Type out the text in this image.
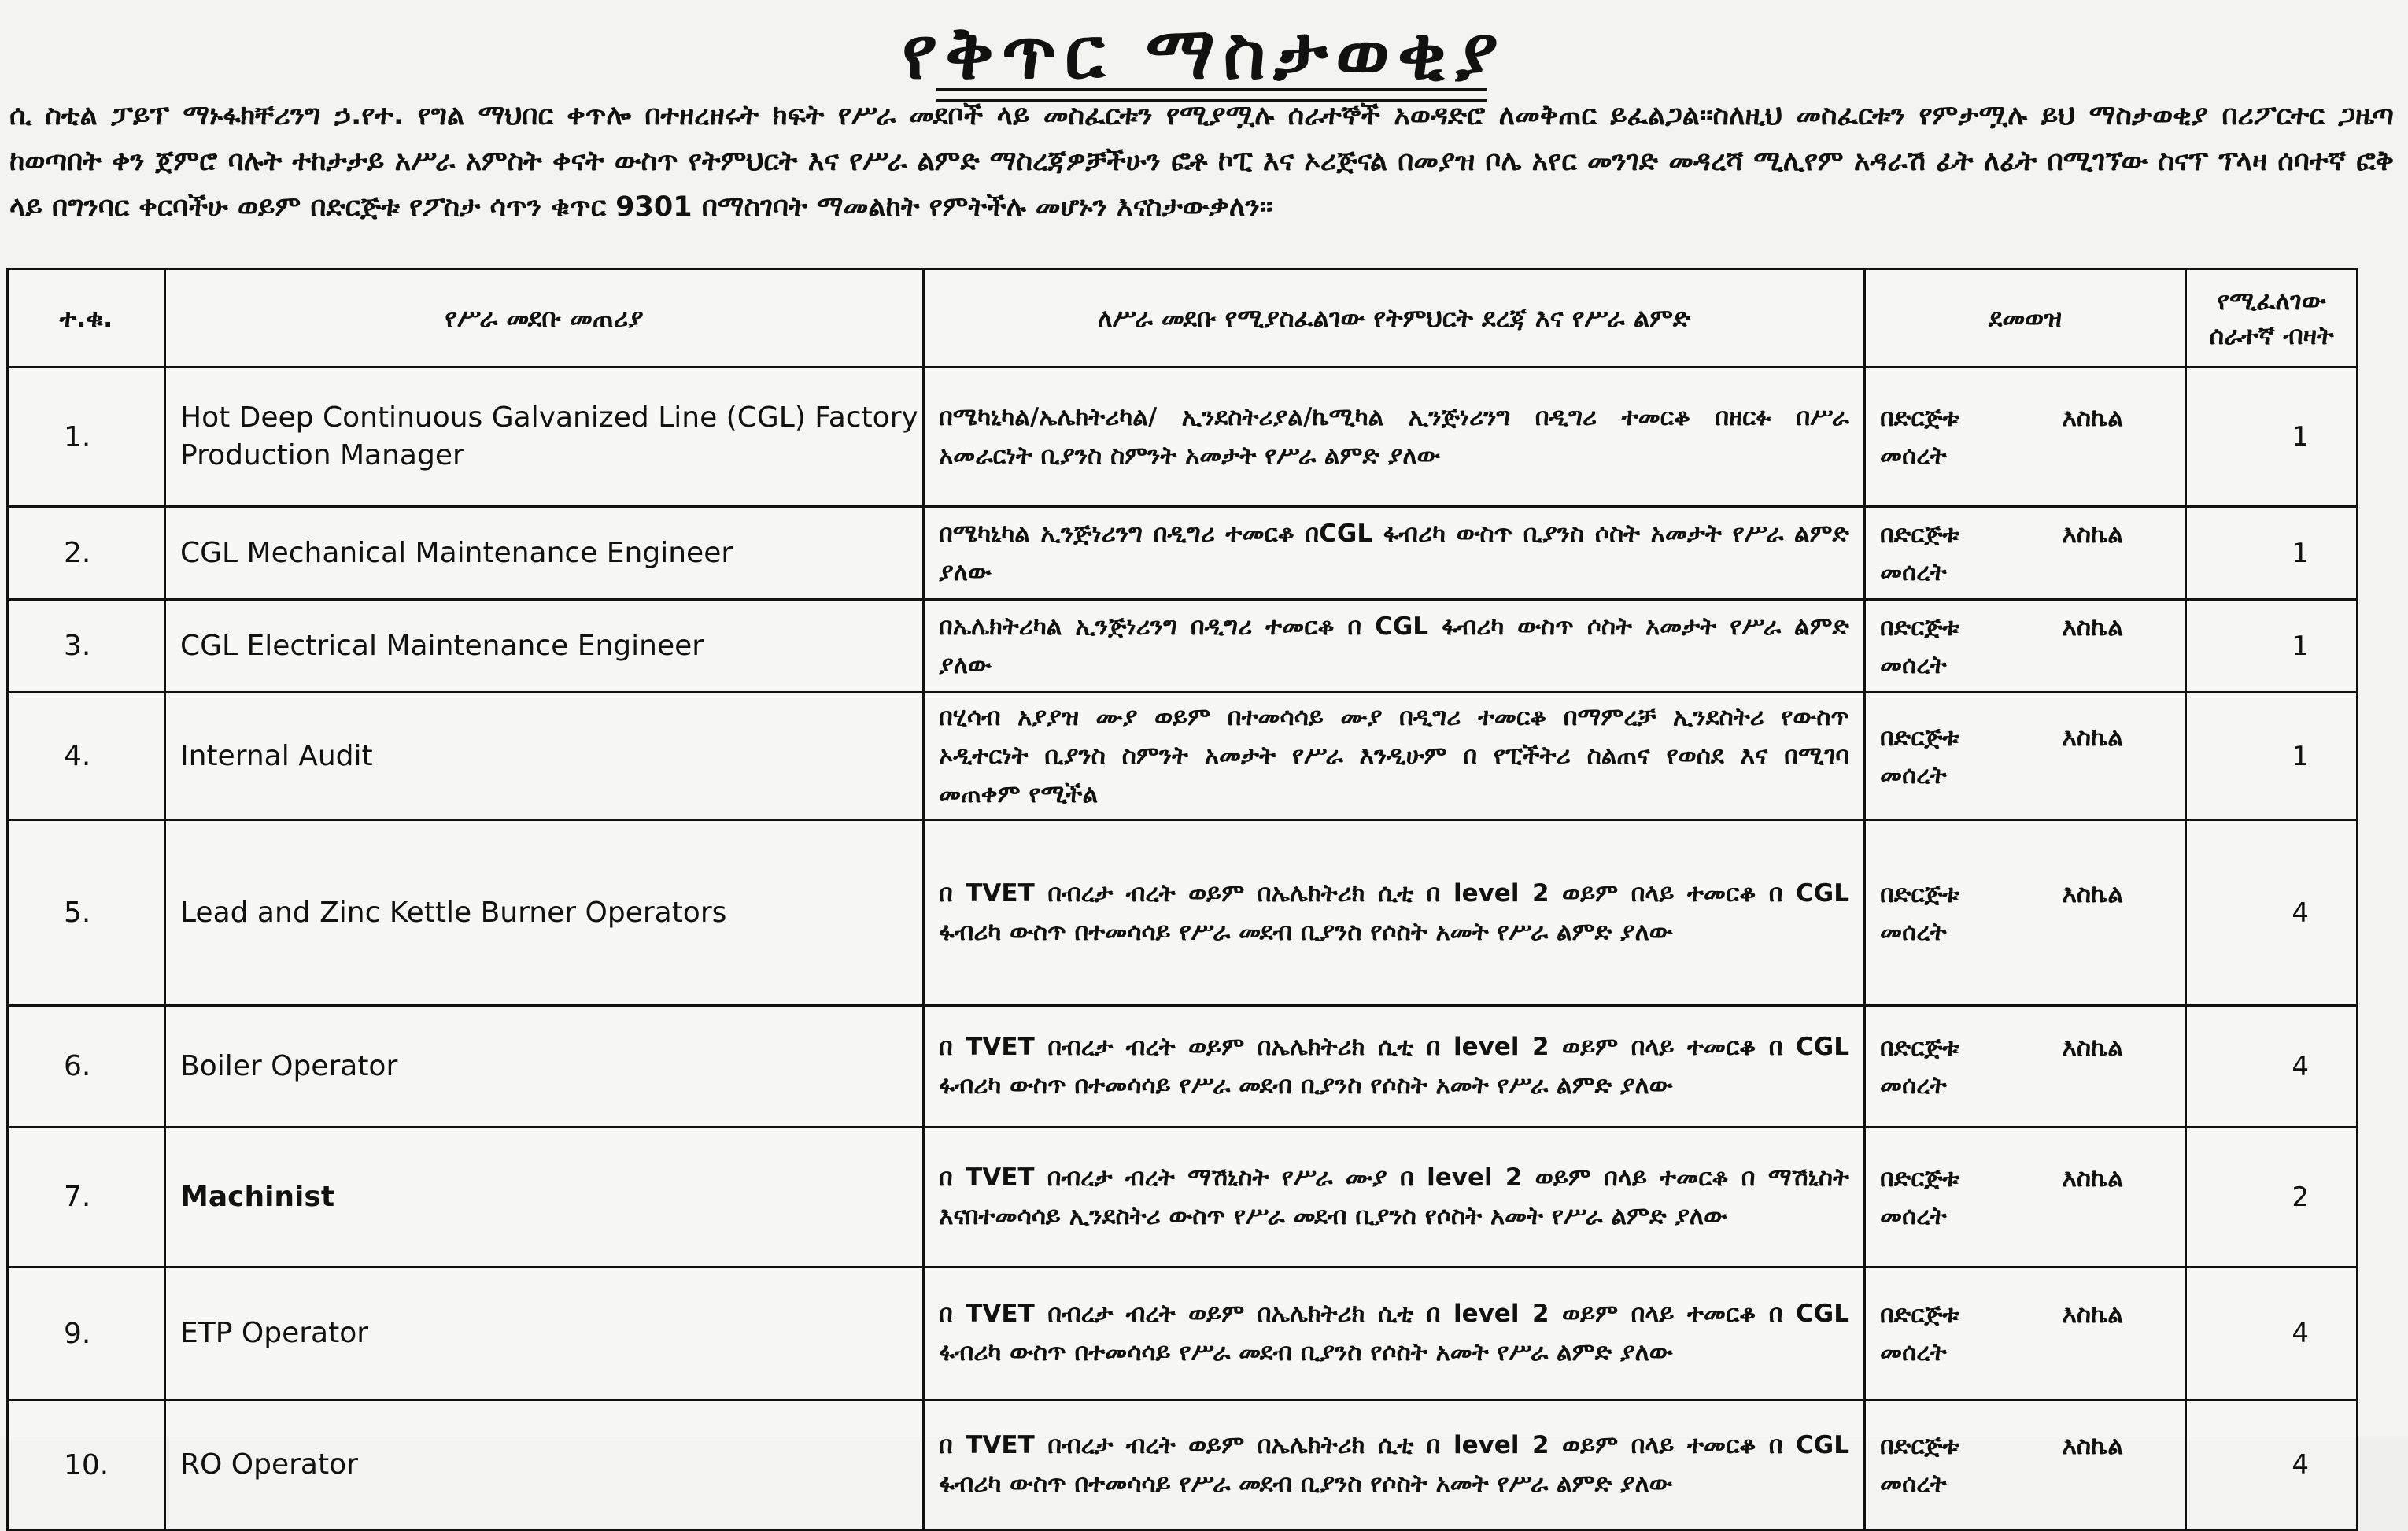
የቅጥር ማስታወቂያ
ሲ ስቲል ፓይፕ ማኑፋክቸሪንግ ኃ.የተ. የግል ማህበር ቀጥሎ በተዘረዘሩት ክፍት የሥራ መደቦች ላይ መስፈርቱን የሚያሟሉ ሰራተኞች አወዳድሮ ለመቅጠር ይፈልጋል፡፡ስለዚህ መስፈርቱን የምታሟሉ ይህ ማስታወቂያ በሪፖርተር ጋዜጣ ከወጣበት ቀን ጀምሮ ባሉት ተከታታይ አሥራ አምስት ቀናት ውስጥ የትምህርት እና የሥራ ልምድ ማስረጃዎቻችሁን ፎቶ ኮፒ እና ኦሪጅናል በመያዝ ቦሌ አየር መንገድ መዳረሻ ሚሊየም አዳራሽ ፊት ለፊት በሚገኘው ስናፕ ፕላዛ ሰባተኛ ፎቅ ላይ በግንባር ቀርባችሁ ወይም በድርጅቱ የፖስታ ሳጥን ቁጥር 9301 በማስገባት ማመልከት የምትችሉ መሆኑን እናስታውቃለን፡፡
ተ.ቁ.	የሥራ መደቡ መጠሪያ	ለሥራ መደቡ የሚያስፈልገው የትምህርት ደረጃ እና የሥራ ልምድ	ደመወዝ	የሚፈለገው ሰራተኛ ብዛት
1.	Hot Deep Continuous Galvanized Line (CGL) Factory Production Manager	በሜካኒካል/ኤሌክትሪካል/ ኢንደስትሪያል/ኬሚካል ኢንጅነሪንግ በዲግሪ ተመርቆ በዘርፉ በሥራ አመራርነት ቢያንስ ስምንት አመታት የሥራ ልምድ ያለው	በድርጅቱ እስኬል
መሰረት	1
2.	CGL Mechanical Maintenance Engineer	በሜካኒካል ኢንጅነሪንግ በዲግሪ ተመርቆ በCGL ፋብሪካ ውስጥ ቢያንስ ሶስት አመታት የሥራ ልምድ ያለው	በድርጅቱ እስኬል
መሰረት	1
3.	CGL Electrical Maintenance Engineer	በኤሌክትሪካል ኢንጅነሪንግ በዲግሪ ተመርቆ በ CGL ፋብሪካ ውስጥ ሶስት አመታት የሥራ ልምድ ያለው	በድርጅቱ እስኬል
መሰረት	1
4.	Internal Audit	በሂሳብ አያያዝ ሙያ ወይም በተመሳሳይ ሙያ በዲግሪ ተመርቆ በማምረቻ ኢንደስትሪ የውስጥ ኦዲተርነት ቢያንስ ስምንት አመታት የሥራ እንዲሁም በ የፒችትሪ ስልጠና የወሰደ እና በሚገባ መጠቀም የሚችል	በድርጅቱ እስኬል
መሰረት	1
5.	Lead and Zinc Kettle Burner Operators	በ TVET በብረታ ብረት ወይም በኤሌክትሪክ ሲቲ በ level 2 ወይም በላይ ተመርቆ በ CGL ፋብሪካ ውስጥ በተመሳሳይ የሥራ መደብ ቢያንስ የሶስት አመት የሥራ ልምድ ያለው	በድርጅቱ እስኬል
መሰረት	4
6.	Boiler Operator	በ TVET በብረታ ብረት ወይም በኤሌክትሪክ ሲቲ በ level 2 ወይም በላይ ተመርቆ በ CGL ፋብሪካ ውስጥ በተመሳሳይ የሥራ መደብ ቢያንስ የሶስት አመት የሥራ ልምድ ያለው	በድርጅቱ እስኬል
መሰረት	4
7.	Machinist	በ TVET በብረታ ብረት ማሽኒስት የሥራ ሙያ በ level 2 ወይም በላይ ተመርቆ በ ማሽኒስት እናበተመሳሳይ ኢንደስትሪ ውስጥ የሥራ መደብ ቢያንስ የሶስት አመት የሥራ ልምድ ያለው	በድርጅቱ እስኬል
መሰረት	2
9.	ETP Operator	በ TVET በብረታ ብረት ወይም በኤሌክትሪክ ሲቲ በ level 2 ወይም በላይ ተመርቆ በ CGL ፋብሪካ ውስጥ በተመሳሳይ የሥራ መደብ ቢያንስ የሶስት አመት የሥራ ልምድ ያለው	በድርጅቱ እስኬል
መሰረት	4
10.	RO Operator	በ TVET በብረታ ብረት ወይም በኤሌክትሪክ ሲቲ በ level 2 ወይም በላይ ተመርቆ በ CGL ፋብሪካ ውስጥ በተመሳሳይ የሥራ መደብ ቢያንስ የሶስት አመት የሥራ ልምድ ያለው	በድርጅቱ እስኬል
መሰረት	4
